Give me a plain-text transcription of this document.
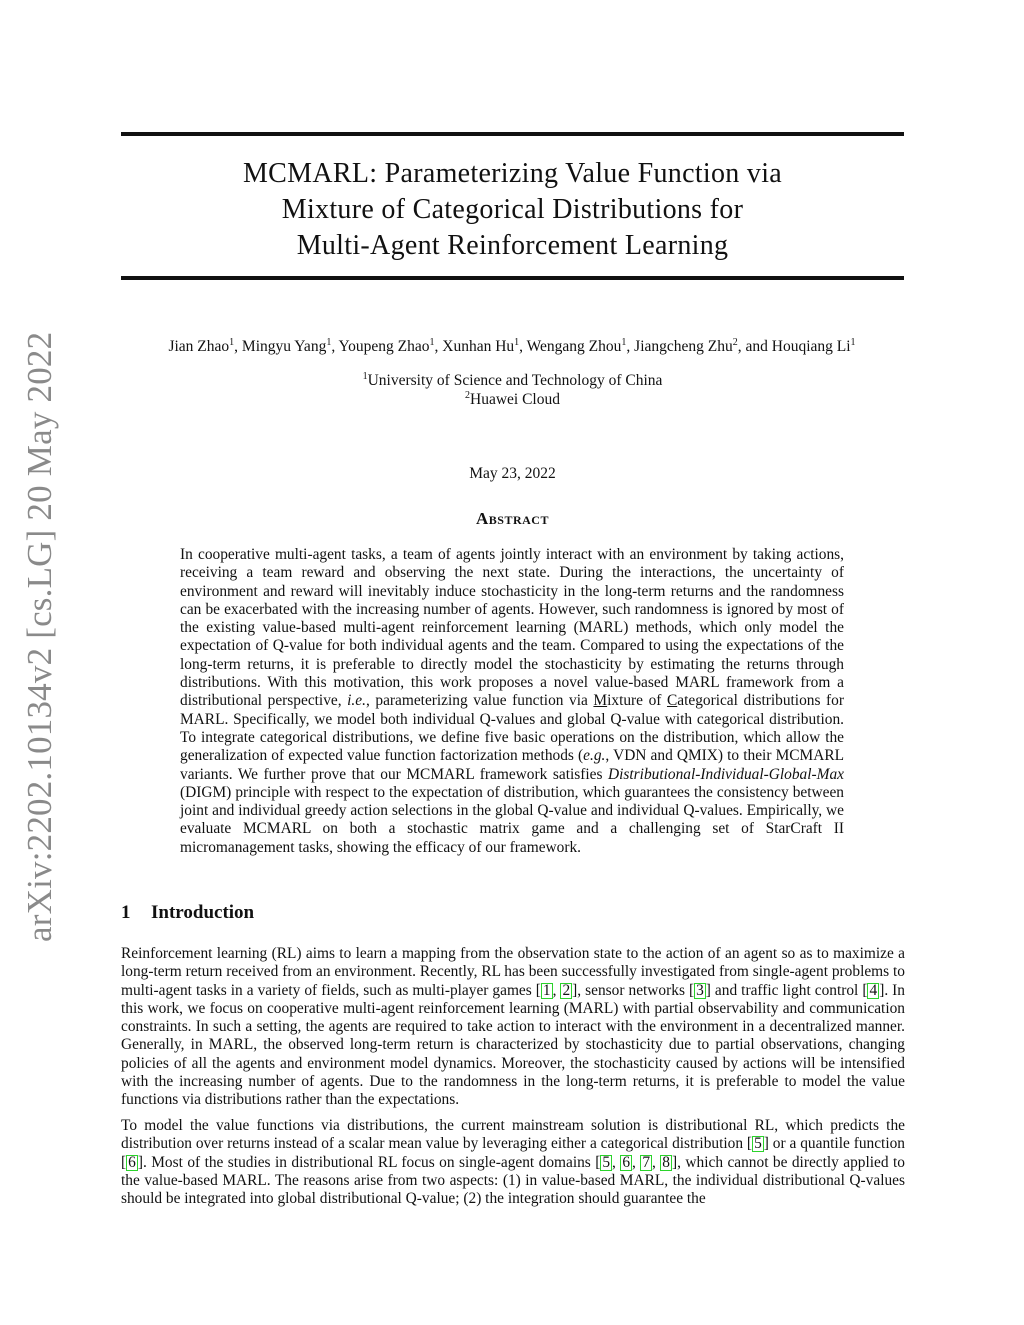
arXiv:2202.10134v2 [cs.LG] 20 May 2022
MCMARL: Parameterizing Value Function via
Mixture of Categorical Distributions for
Multi-Agent Reinforcement Learning
Jian Zhao$^1$, Mingyu Yang$^1$, Youpeng Zhao$^1$, Xunhan Hu$^1$, Wengang Zhou$^1$, Jiangcheng Zhu$^2$, and Houqiang Li$^1$
$^1$University of Science and Technology of China
$^2$Huawei Cloud
May 23, 2022
Abstract

In cooperative multi-agent tasks, a team of agents jointly interact with an environment by taking actions, receiving a team reward and observing the next state. During the interactions, the uncertainty of environment and reward will inevitably induce stochasticity in the long-term returns and the randomness can be exacerbated with the increasing number of agents. However, such randomness is ignored by most of the existing value-based multi-agent reinforcement learning (MARL) methods, which only model the expectation of Q-value for both individual agents and the team. Compared to using the expectations of the long-term returns, it is preferable to directly model the stochasticity by estimating the returns through distributions. With this motivation, this work proposes a novel value-based MARL framework from a distributional perspective, i.e., parameterizing value function via Mixture of Categorical distributions for MARL. Specifically, we model both individual Q-values and global Q-value with categorical distribution. To integrate categorical distributions, we define five basic operations on the distribution, which allow the generalization of expected value function factorization methods (e.g., VDN and QMIX) to their MCMARL variants. We further prove that our MCMARL framework satisfies Distributional-Individual-Global-Max (DIGM) principle with respect to the expectation of distribution, which guarantees the consistency between joint and individual greedy action selections in the global Q-value and individual Q-values. Empirically, we evaluate MCMARL on both a stochastic matrix game and a challenging set of StarCraft II micromanagement tasks, showing the efficacy of our framework.

1 Introduction

Reinforcement learning (RL) aims to learn a mapping from the observation state to the action of an agent so as to maximize a long-term return received from an environment. Recently, RL has been successfully investigated from single-agent problems to multi-agent tasks in a variety of fields, such as multi-player games [ 1 , 2 ], sensor networks [ 3 ] and traffic light control [ 4 ]. In this work, we focus on cooperative multi-agent reinforcement learning (MARL) with partial observability and communication constraints. In such a setting, the agents are required to take action to interact with the environment in a decentralized manner. Generally, in MARL, the observed long-term return is characterized by stochasticity due to partial observations, changing policies of all the agents and environment model dynamics. Moreover, the stochasticity caused by actions will be intensified with the increasing number of agents. Due to the randomness in the long-term returns, it is preferable to model the value functions via distributions rather than the expectations.

To model the value functions via distributions, the current mainstream solution is distributional RL, which predicts the distribution over returns instead of a scalar mean value by leveraging either a categorical distribution [ 5 ] or a quantile function [ 6 ]. Most of the studies in distributional RL focus on single-agent domains [ 5 , 6 , 7 , 8 ], which cannot be directly applied to the value-based MARL. The reasons arise from two aspects: (1) in value-based MARL, the individual distributional Q-values should be integrated into global distributional Q-value; (2) the integration should guarantee the
